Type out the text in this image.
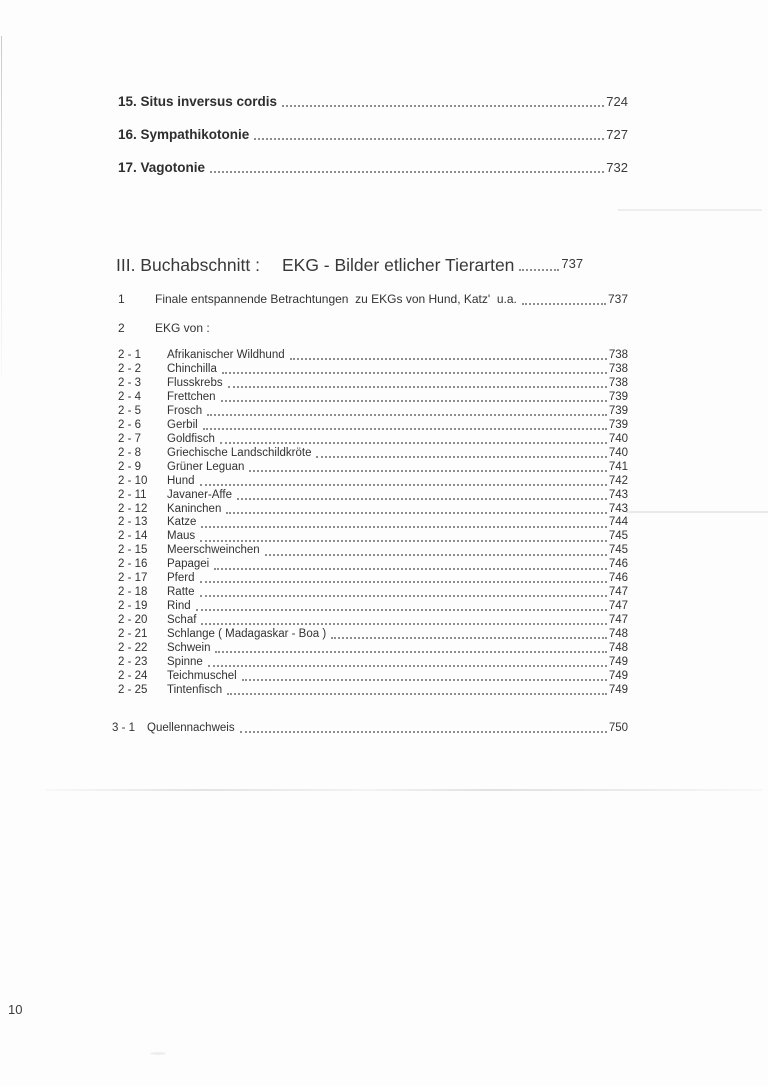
15. Situs inversus cordis	724
16. Sympathikotonie	727
17. Vagotonie	732
III. Buchabschnitt : EKG - Bilder etlicher Tierarten	737
1	Finale entspannende Betrachtungen  zu EKGs von Hund, Katz'  u.a.	737
2	EKG von :
2 - 1	Afrikanischer Wildhund	738
2 - 2	Chinchilla	738
2 - 3	Flusskrebs	738
2 - 4	Frettchen	739
2 - 5	Frosch	739
2 - 6	Gerbil	739
2 - 7	Goldfisch	740
2 - 8	Griechische Landschildkröte	740
2 - 9	Grüner Leguan	741
2 - 10	Hund	742
2 - 11	Javaner-Affe	743
2 - 12	Kaninchen	743
2 - 13	Katze	744
2 - 14	Maus	745
2 - 15	Meerschweinchen	745
2 - 16	Papagei	746
2 - 17	Pferd	746
2 - 18	Ratte	747
2 - 19	Rind	747
2 - 20	Schaf	747
2 - 21	Schlange ( Madagaskar - Boa )	748
2 - 22	Schwein	748
2 - 23	Spinne	749
2 - 24	Teichmuschel	749
2 - 25	Tintenfisch	749
3 - 1	Quellennachweis	750
10
